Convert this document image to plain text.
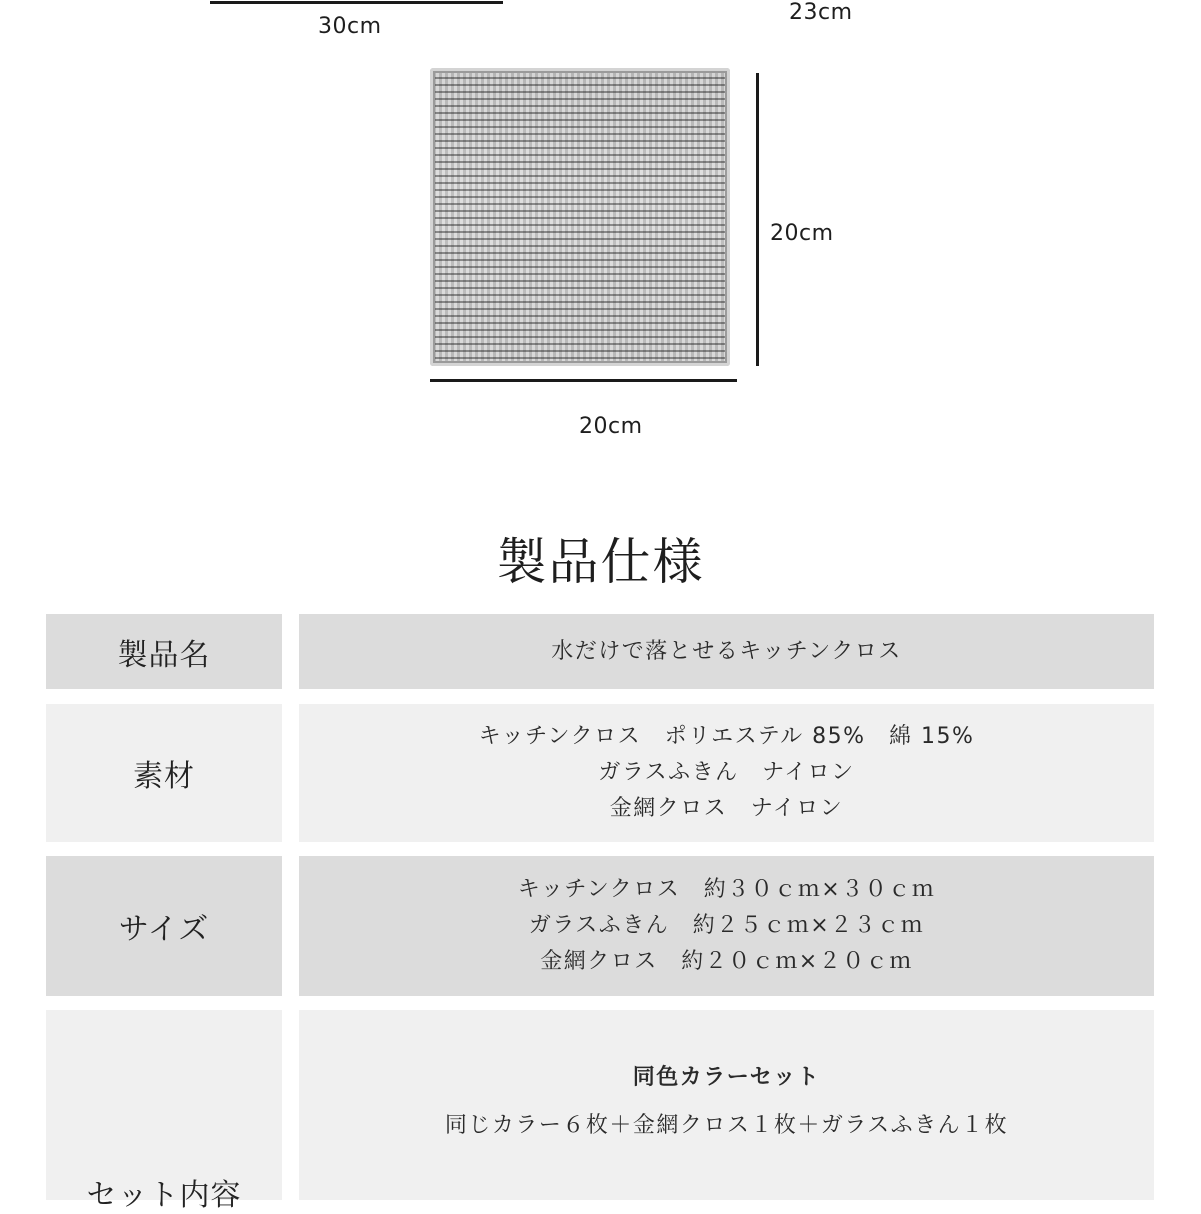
30cm
23cm
20cm
20cm
製品仕様
製品名	水だけで落とせるキッチンクロス
素材
キッチンクロス　ポリエステル 85%　綿 15%
ガラスふきん　ナイロン
金網クロス　ナイロン
サイズ
キッチンクロス　約３０ｃｍ×３０ｃｍ
ガラスふきん　約２５ｃｍ×２３ｃｍ
金網クロス　約２０ｃｍ×２０ｃｍ
セット内容
同色カラーセット
同じカラー６枚＋金網クロス１枚＋ガラスふきん１枚
